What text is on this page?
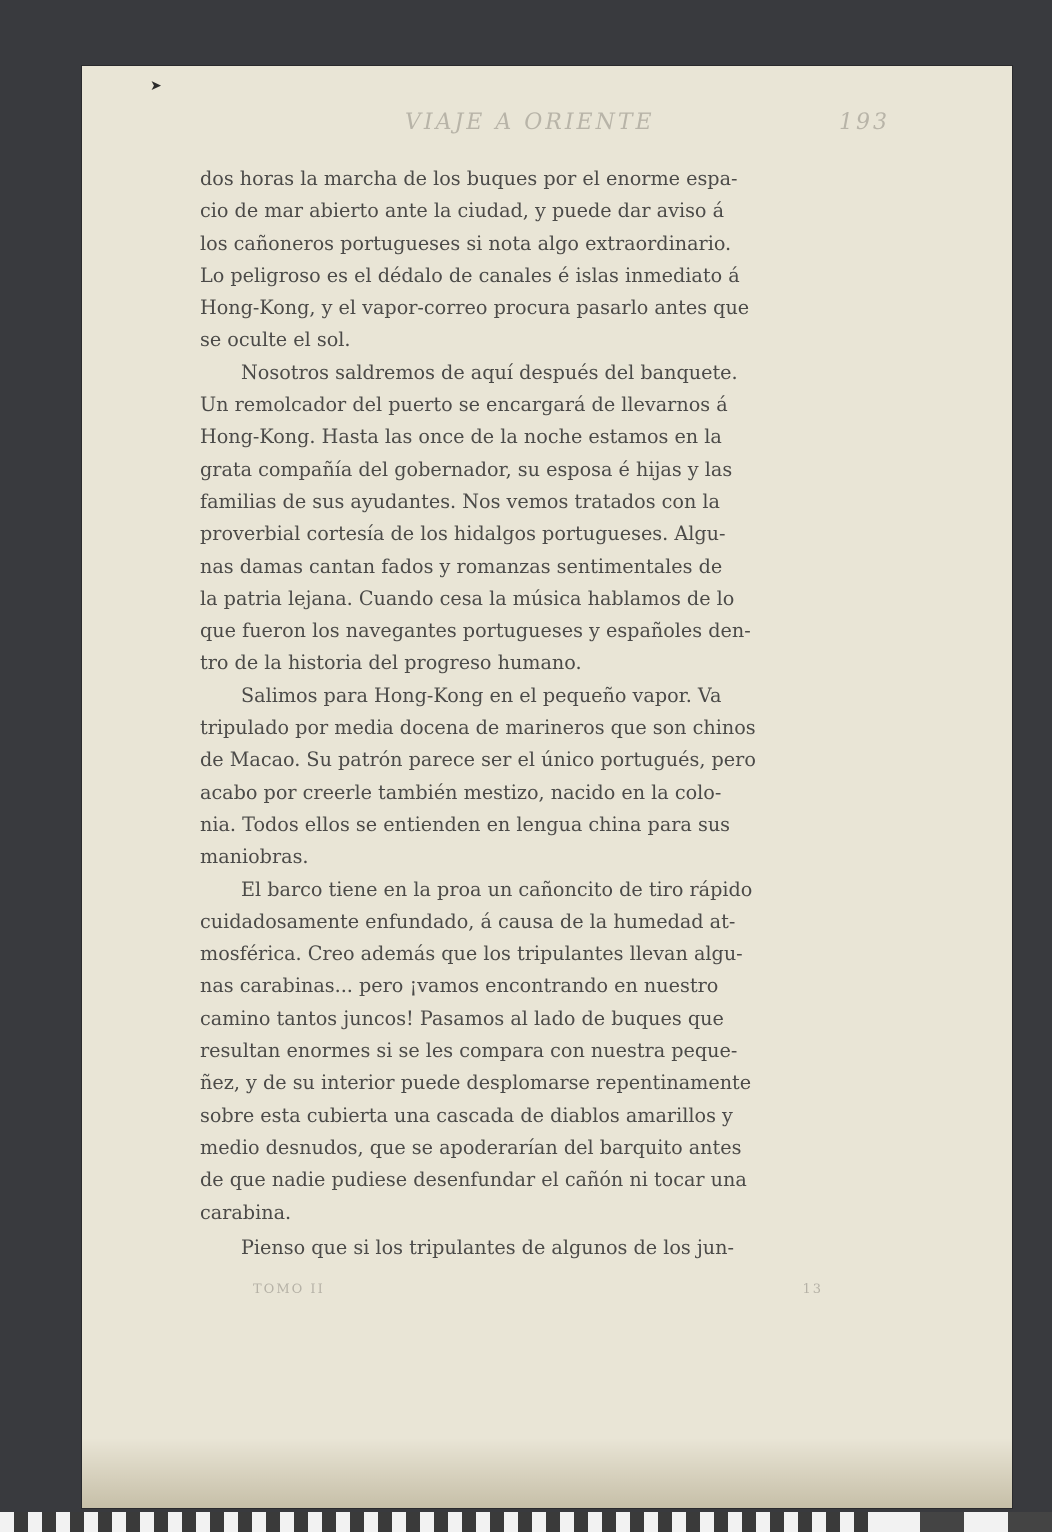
➤
VIAJE A ORIENTE	193

dos horas la marcha de los buques por el enorme espa-
cio de mar abierto ante la ciudad, y puede dar aviso á
los cañoneros portugueses si nota algo extraordinario.
Lo peligroso es el dédalo de canales é islas inmediato á
Hong-Kong, y el vapor-correo procura pasarlo antes que
se oculte el sol.

Nosotros saldremos de aquí después del banquete.
Un remolcador del puerto se encargará de llevarnos á
Hong-Kong. Hasta las once de la noche estamos en la
grata compañía del gobernador, su esposa é hijas y las
familias de sus ayudantes. Nos vemos tratados con la
proverbial cortesía de los hidalgos portugueses. Algu-
nas damas cantan fados y romanzas sentimentales de
la patria lejana. Cuando cesa la música hablamos de lo
que fueron los navegantes portugueses y españoles den-
tro de la historia del progreso humano.

Salimos para Hong-Kong en el pequeño vapor. Va
tripulado por media docena de marineros que son chinos
de Macao. Su patrón parece ser el único portugués, pero
acabo por creerle también mestizo, nacido en la colo-
nia. Todos ellos se entienden en lengua china para sus
maniobras.

El barco tiene en la proa un cañoncito de tiro rápido
cuidadosamente enfundado, á causa de la humedad at-
mosférica. Creo además que los tripulantes llevan algu-
nas carabinas... pero ¡vamos encontrando en nuestro
camino tantos juncos! Pasamos al lado de buques que
resultan enormes si se les compara con nuestra peque-
ñez, y de su interior puede desplomarse repentinamente
sobre esta cubierta una cascada de diablos amarillos y
medio desnudos, que se apoderarían del barquito antes
de que nadie pudiese desenfundar el cañón ni tocar una
carabina.

Pienso que si los tripulantes de algunos de los jun-

TOMO II	13
